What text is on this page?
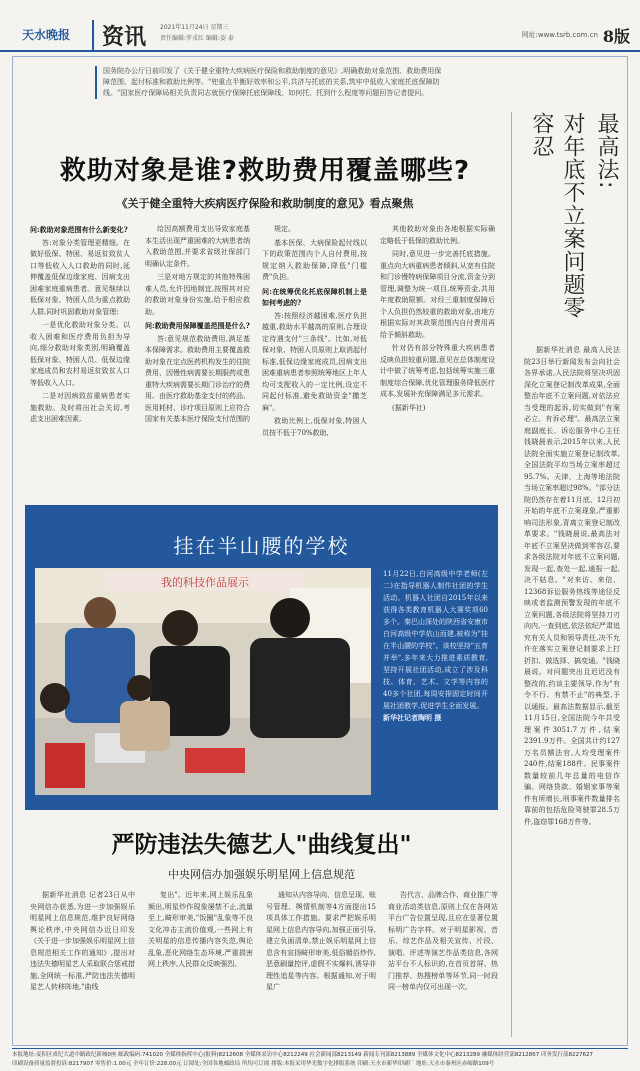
天水晚报	资讯 2021年11月24日 星期三
责任编辑:罗戎红 编辑:姿 泰	网址:www.tsrb.com.cn 8版
国务院办公厅日前印发了《关于健全重特大疾病医疗保险和救助制度的意见》,明确救助对象范围、救助费用保障范围、起付标准和救助比例等。"兜重点半衡好效率和公平,共济与托底的关系,筑牢中低收入家庭托底保障防线。"国家医疗保障局相关负责同志就医疗保障托底保障线、如何托、托到什么程度等问题回答记者提问。
救助对象是谁?救助费用覆盖哪些?
《关于健全重特大疾病医疗保险和救助制度的意见》看点聚焦

问:救助对象范围有什么新变化?

答:对象分类管理更精细。在做好低保、特困、易返贫致贫人口等低收入人口救助的同时,延伸覆盖低保边缘家庭、因病支出困难家庭重病患者。意见继续以低保对象、特困人员为重点救助人群,同时巩固救助对象管理:

一是优化救助对象分类。以收入困难和医疗费用负担为导向,细分救助对象类别,明确覆盖低保对象、特困人员、低保边缘家庭成员和农村易返贫致贫人口等低收入人口。

二是对因病致贫重病患者实施救助。及时将出社会关切,考虑支出困难因素,

给因高额费用支出导致家庭基本生活出现严重困难的大病患者纳入救助范围,并要求省级社保部门明确认定条件。

三是对地方规定的其他特殊困难人员,允许因地制宜,按照其对应的救助对象身份实施,给予相应救助。

问:救助费用保障覆盖范围是什么?

答:意见规范救助费用,满足基本保障需求。救助费用主要覆盖救助对象在定点医药机构发生的住院费用、因慢性病需要长期服药或患重特大疾病需要长期门诊治疗的费用。由医疗救助基金支付的药品、医用耗材、诊疗项目原则上应符合国家有关基本医疗保险支付范围的

规定。

基本医保、大病保险起付线以下的政策范围内个人自付费用,按规定纳入救助保障,降低"门槛费"负担。

问:在统筹优化托底保障机制上是如何考虑的?

答:按照经济越困难,医疗负担越重,救助水平越高的原则,合理设定待遇支付"三条线"。比如,对低保对象、特困人员原则上取消起付标准,低保边缘家庭成员,因病支出困难重病患者参照统筹地区上年人均可支配收入的一定比例,设定不同起付标准,避免救助资金"撒芝麻"。

救助比例上,低保对象,特困人员按不低于70%救助,

其他救助对象由各地根据实际确定略低于低保的救助比例。

同时,意见进一步完善托底措施。重点向大病重病患者倾斜,从宽有住院和门诊慢特病保障项目分流,资金分到管理,调整为统一项目,统筹资金,共用年度救助限额。对经三重制度保障后个人负担仍然较重的救助对象,由地方根据实际对其政策范围内自付费用再给予倾斜救助。

针对仍有部分特殊重大疾病患者反映负担较重问题,意见在总体制度设计中做了统筹考虑,包括统筹实施三重制度综合保障,优化管理服务降低医疗成本,发展补充保障满足多元需求。

(据新华社)

挂在半山腰的学校
我的科技作品展示
11月22日,白河高级中学老师(左二)在指导机器人制作社团的学生活动。机器人社团自2015年以来获得各类教育机器人大赛奖项60多个。秦巴山深处的陕西省安康市白河高级中学依山而建,被称为"挂在半山腰的学校"。该校坚持"五育并举",多年来大力推进素质教育,坚持开展社团活动,成立了涉及科技、体育、艺术、文学等内容的40多个社团,每周安排固定时间开展社团教学,促进学生全面发展。
新华社记者陶明 摄
严防违法失德艺人"曲线复出"
中央网信办加强娱乐明星网上信息规范

据新华社消息 记者23日从中央网信办获悉,为进一步加强娱乐明星网上信息规范,维护良好网络舆论秩序,中央网信办近日印发《关于进一步加强娱乐明星网上信息规范相关工作的通知》,提出对违法失德明星艺人采取联合惩戒措施,全网统一标准,严防违法失德明星艺人转移阵地,"曲线

复出"。近年来,网上娱乐乱象频出,明星炒作现象屡禁不止,流量至上,畸形审美,"饭圈"乱象等不良文化冲击主流价值观,一些网上有关明星的信息传播内容失范,舆论乱象,恶化网络生态环境,严重损害网上秩序,人民群众反映强烈。

通知从内容导向、信息呈现、账号管理、舆情机制等4方面提出15项具体工作措施。要求严把娱乐明星网上信息内容导向,加强正面引导,建立负面清单,禁止娱乐明星网上信息含有宣扬畸形审美,低俗媚俗炒作,恶意刷量控评,虚假不实爆料,诱导非理性追星等内容。根据通知,对于明星广

告代言、品牌合作、商业推广等商业活动类信息,原则上仅在各网站平台广告位置呈现,且应在显著位置标明广告字样。对于明星影视、音乐、综艺作品及相关宣传、片段、演唱、评述等演艺作品类信息,各网站平台不人标识的,在首页首屏、热门推荐、热搜榜单等环节,同一时段同一榜单内仅可出现一次。

最高法:
对年底不立案问题零容忍

据新华社消息 最高人民法院23日举行新闻发布会向社会各界承诺,人民法院将坚决巩固深化立案登记制改革成果,全面整治年底不立案问题,对依法应当受理的起诉,切实做到"有案必立、有诉必理"。最高法立案庭副庭长、诉讼服务中心主任钱晓晨表示,2015年以来,人民法院全面实施立案登记制改革,全国法院平均当场立案率超过95.7%。天津、上海等地法院当场立案率超过98%。"部分法院仍然存在着11月底、12月初开始的年底不立案现象,严重影响司法形象,背离立案登记制改革要求。"钱晓晨说,最高法对年底不立案坚决做到零容忍,要求各级法院对年底不立案问题,发现一起,查处一起,通报一起,决不姑息。"对来访、来信、12368诉讼服务热线等途径反映或者监测预警发现的年底不立案问题,各级法院将坚持刀刃向内,一查到底,依法依纪严肃追究有关人员和领导责任,决不允许在落实立案登记制要求上打折扣、做选择、搞变通。"钱晓晨说。对问题突出且迟迟没有整改的,约谈主要领导,作为"有令不行、有禁不止"的典型,予以通报。最高法数据显示,截至11月15日,全国法院今年共受理案件3051.7万件,结案2391.9万件。全国共计约127万名员额法官,人均受理案件240件,结案188件。民事案件数量较前几年总量的电信诈骗、网络贷款、婚姻家事等案件有所增长,刑事案件数量排名靠前的包括危险驾驶罪28.5万件,盗窃罪168万件等。

本报地址:麦积区成纪大道中路政纪新城0座 邮政编码:741020 全媒体指挥中心(报料)8212608 全媒体采访中心8212249 社会新闻部8213149 新闻专刊部8213889 全媒体文化中心8213289 融媒体经营部8212867 印务发行部8227627
印刷设备质量监督投诉:8217907 零售价:1.00元 全年订价:228.00元 订阅处:全国各地邮政局 所均可订阅 排版:本报采用华光数字化排版系统 印刷:天水市新华印刷厂 地址:天水市秦州区赤峪路109号
